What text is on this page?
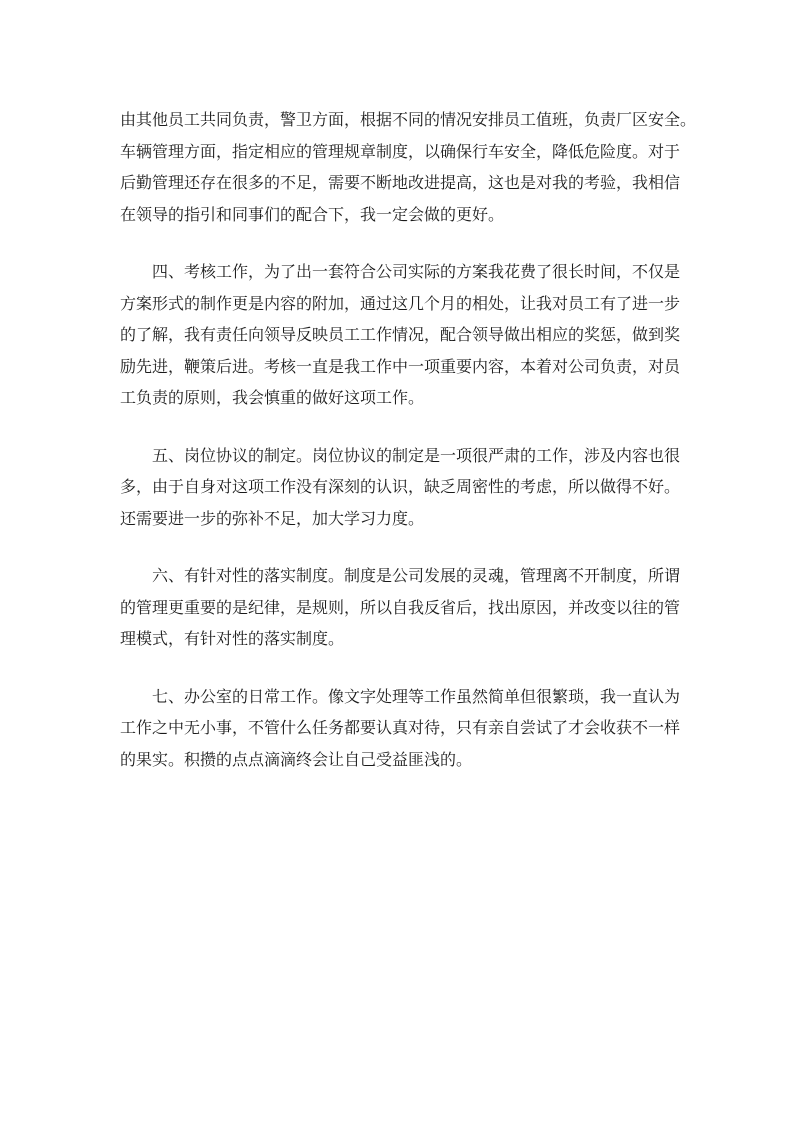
由其他员工共同负责，警卫方面，根据不同的情况安排员工值班，负责厂区安全。
车辆管理方面，指定相应的管理规章制度，以确保行车安全，降低危险度。对于
后勤管理还存在很多的不足，需要不断地改进提高，这也是对我的考验，我相信
在领导的指引和同事们的配合下，我一定会做的更好。

　　四、考核工作，为了出一套符合公司实际的方案我花费了很长时间，不仅是
方案形式的制作更是内容的附加，通过这几个月的相处，让我对员工有了进一步
的了解，我有责任向领导反映员工工作情况，配合领导做出相应的奖惩，做到奖
励先进，鞭策后进。考核一直是我工作中一项重要内容，本着对公司负责，对员
工负责的原则，我会慎重的做好这项工作。

　　五、岗位协议的制定。岗位协议的制定是一项很严肃的工作，涉及内容也很
多，由于自身对这项工作没有深刻的认识，缺乏周密性的考虑，所以做得不好。
还需要进一步的弥补不足，加大学习力度。

　　六、有针对性的落实制度。制度是公司发展的灵魂，管理离不开制度，所谓
的管理更重要的是纪律，是规则，所以自我反省后，找出原因，并改变以往的管
理模式，有针对性的落实制度。

　　七、办公室的日常工作。像文字处理等工作虽然简单但很繁琐，我一直认为
工作之中无小事，不管什么任务都要认真对待，只有亲自尝试了才会收获不一样
的果实。积攒的点点滴滴终会让自己受益匪浅的。
